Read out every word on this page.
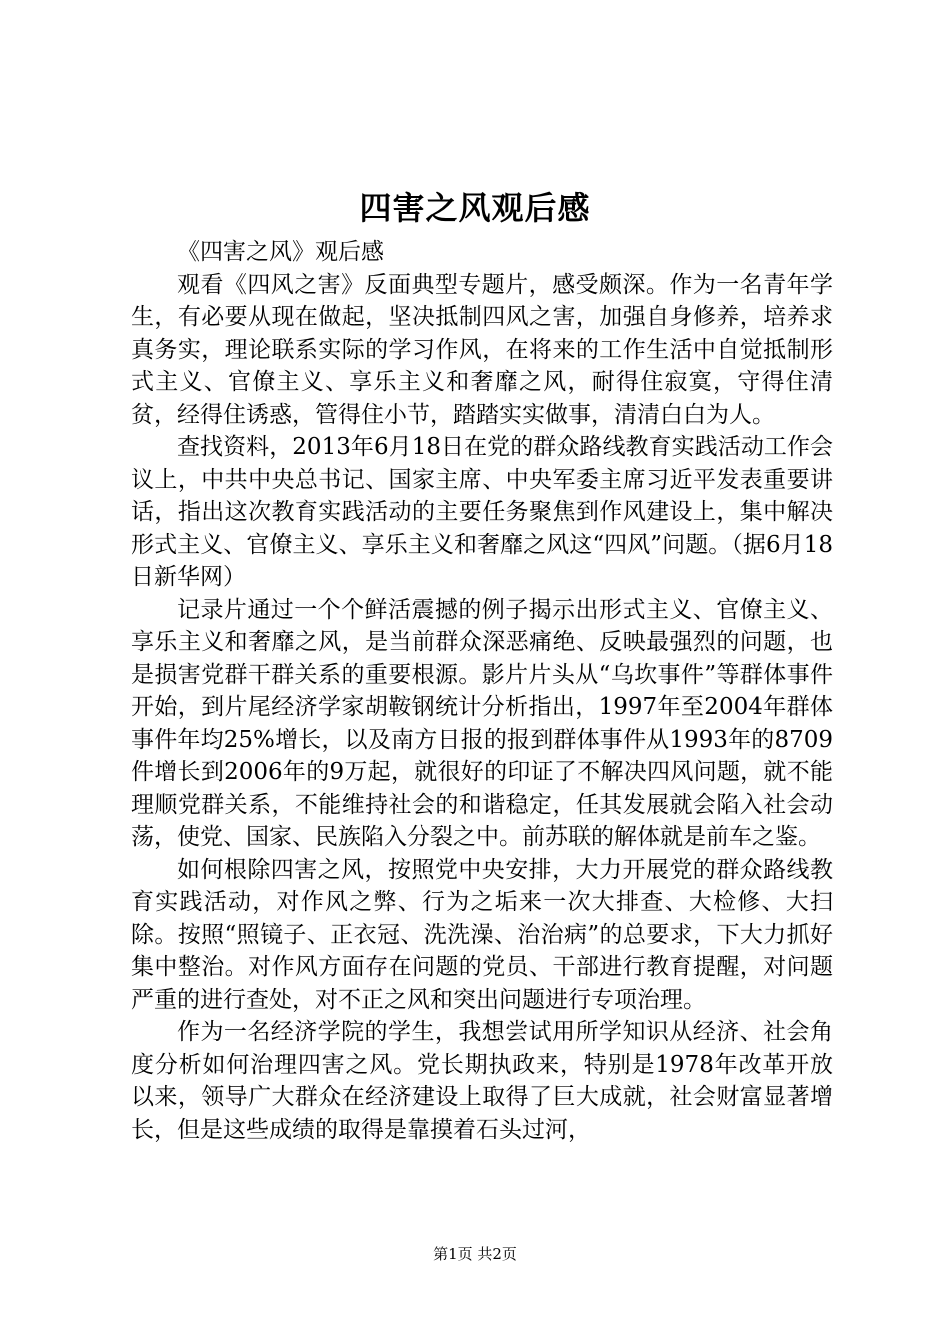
四害之风观后感

《四害之风》观后感

观看《四风之害》反面典型专题片，感受颇深。作为一名青年学生，有必要从现在做起，坚决抵制四风之害，加强自身修养，培养求真务实，理论联系实际的学习作风，在将来的工作生活中自觉抵制形式主义、官僚主义、享乐主义和奢靡之风，耐得住寂寞，守得住清贫，经得住诱惑，管得住小节，踏踏实实做事，清清白白为人。

查找资料，2013年6月18日在党的群众路线教育实践活动工作会议上，中共中央总书记、国家主席、中央军委主席习近平发表重要讲话，指出这次教育实践活动的主要任务聚焦到作风建设上，集中解决形式主义、官僚主义、享乐主义和奢靡之风这“四风”问题。（据6月18日新华网）

记录片通过一个个鲜活震撼的例子揭示出形式主义、官僚主义、享乐主义和奢靡之风，是当前群众深恶痛绝、反映最强烈的问题，也是损害党群干群关系的重要根源。影片片头从“乌坎事件”等群体事件开始，到片尾经济学家胡鞍钢统计分析指出，1997年至2004年群体事件年均25%增长，以及南方日报的报到群体事件从1993年的8709件增长到2006年的9万起，就很好的印证了不解决四风问题，就不能理顺党群关系，不能维持社会的和谐稳定，任其发展就会陷入社会动荡，使党、国家、民族陷入分裂之中。前苏联的解体就是前车之鉴。

如何根除四害之风，按照党中央安排，大力开展党的群众路线教育实践活动，对作风之弊、行为之垢来一次大排查、大检修、大扫除。按照“照镜子、正衣冠、洗洗澡、治治病”的总要求，下大力抓好集中整治。对作风方面存在问题的党员、干部进行教育提醒，对问题严重的进行查处，对不正之风和突出问题进行专项治理。

作为一名经济学院的学生，我想尝试用所学知识从经济、社会角度分析如何治理四害之风。党长期执政来，特别是1978年改革开放以来，领导广大群众在经济建设上取得了巨大成就，社会财富显著增长，但是这些成绩的取得是靠摸着石头过河，

第1页 共2页
